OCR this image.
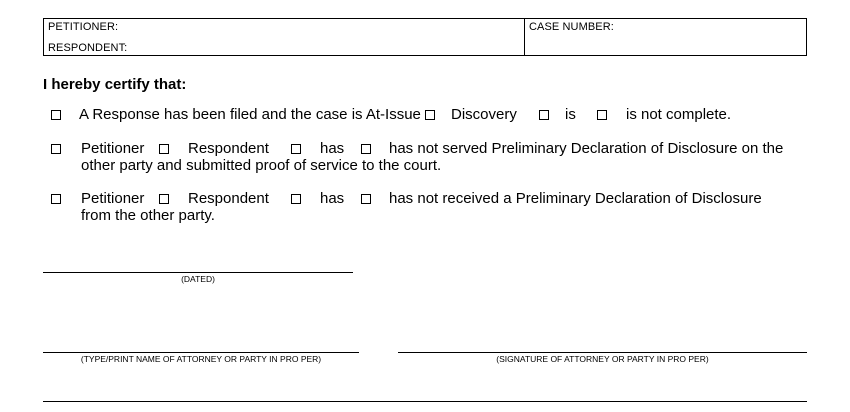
PETITIONER:
RESPONDENT:
CASE NUMBER:
I hereby certify that:
A Response has been filed and the case is At-Issue Discovery	is	is not complete.
Petitioner	Respondent	has	has not served Preliminary Declaration of Disclosure on the
other party and submitted proof of service to the court.
Petitioner	Respondent	has	has not received a Preliminary Declaration of Disclosure
from the other party.
(DATED)
(TYPE/PRINT NAME OF ATTORNEY OR PARTY IN PRO PER)	(SIGNATURE OF ATTORNEY OR PARTY IN PRO PER)
